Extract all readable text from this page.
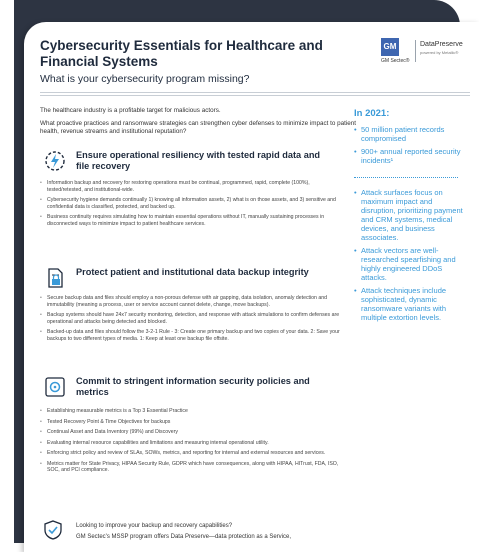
Cybersecurity Essentials for Healthcare and Financial Systems

What is your cybersecurity program missing?

GM
GM Sectec®
DataPreserve
powered by Metallic®

The healthcare industry is a profitable target for malicious actors.

What proactive practices and ransomware strategies can strengthen cyber defenses to minimize impact to patient health, revenue streams and institutional reputation?

Ensure operational resiliency with tested rapid data and file recovery
• Information backup and recovery for restoring operations must be continual, programmed, rapid, complete (100%), tested/retested, and institutional-wide.
• Cybersecurity hygiene demands continually 1) knowing all information assets, 2) what is on those assets, and 3) sensitive and confidential data is classified, protected, and backed up.
• Business continuity requires simulating how to maintain essential operations without IT, manually sustaining processes in disconnected ways to minimize impact to patient healthcare services.
Protect patient and institutional data backup integrity
• Secure backup data and files should employ a non-porous defense with air gapping, data isolation, anomaly detection and immutability (meaning a process, user or service account cannot delete, change, move backups).
• Backup systems should have 24x7 security monitoring, detection, and response with attack simulations to confirm defenses are operational and attacks being detected and blocked.
• Backed-up data and files should follow the 3-2-1 Rule - 3: Create one primary backup and two copies of your data. 2: Save your backups to two different types of media. 1: Keep at least one backup file offsite.
Commit to stringent information security policies and metrics
• Establishing measurable metrics is a Top 3 Essential Practice
• Tested Recovery Point & Time Objectives for backups
• Continual Asset and Data Inventory (99%) and Discovery
• Evaluating internal resource capabilities and limitations and measuring internal operational utility.
• Enforcing strict policy and review of SLAs, SOWs, metrics, and reporting for internal and external resources and services.
• Metrics matter for State Privacy, HIPAA Security Rule, GDPR which have consequences, along with HIPAA, HITrust, FDA, ISO, SOC, and PCI compliance.
In 2021:
• 50 million patient records compromised
• 900+ annual reported security incidents¹
• Attack surfaces focus on maximum impact and disruption, prioritizing payment and CRM systems, medical devices, and business associates.
• Attack vectors are well-researched spearfishing and highly engineered DDoS attacks.
• Attack techniques include sophisticated, dynamic ransomware variants with multiple extortion levels.
Looking to improve your backup and recovery capabilities?
GM Sectec's MSSP program offers Data Preserve—data protection as a Service,
